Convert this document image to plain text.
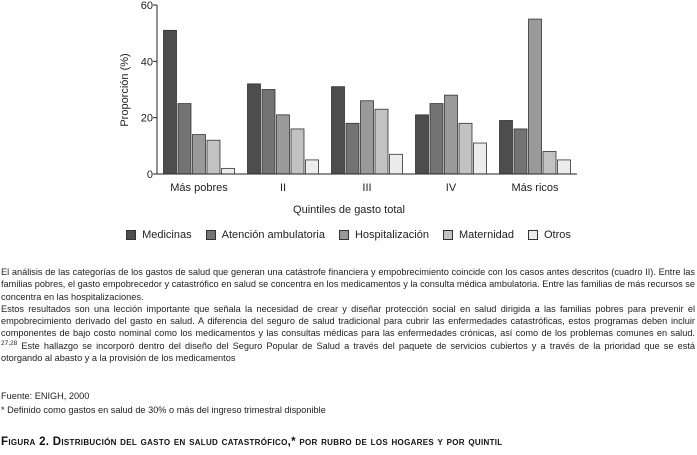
0
20
40
60
Más pobres	II	III	IV	Más ricos
Proporción (%)
Quintiles de gasto total
Medicinas	Atención ambulatoria	Hospitalización	Maternidad	Otros

El análisis de las categorías de los gastos de salud que generan una catástrofe financiera y empobrecimiento coincide con los casos antes descritos (cuadro II). Entre las familias pobres, el gasto empobrecedor y catastrófico en salud se concentra en los medicamentos y la consulta médica ambulatoria. Entre las familias de más recursos se concentra en las hospitalizaciones.

Estos resultados son una lección importante que señala la necesidad de crear y diseñar protección social en salud dirigida a las familias pobres para prevenir el empobrecimiento derivado del gasto en salud. A diferencia del seguro de salud tradicional para cubrir las enfermedades catastróficas, estos programas deben incluir componentes de bajo costo nominal como los medicamentos y las consultas médicas para las enfermedades crónicas, así como de los problemas comunes en salud. $^{27,28}$ Este hallazgo se incorporó dentro del diseño del Seguro Popular de Salud a través del paquete de servicios cubiertos y a través de la prioridad que se está otorgando al abasto y a la provisión de los medicamentos

Fuente: ENIGH, 2000
* Definido como gastos en salud de 30% o más del ingreso trimestral disponible
Figura 2. Distribución del gasto en salud catastrófico,* por rubro de los hogares y por quintil
